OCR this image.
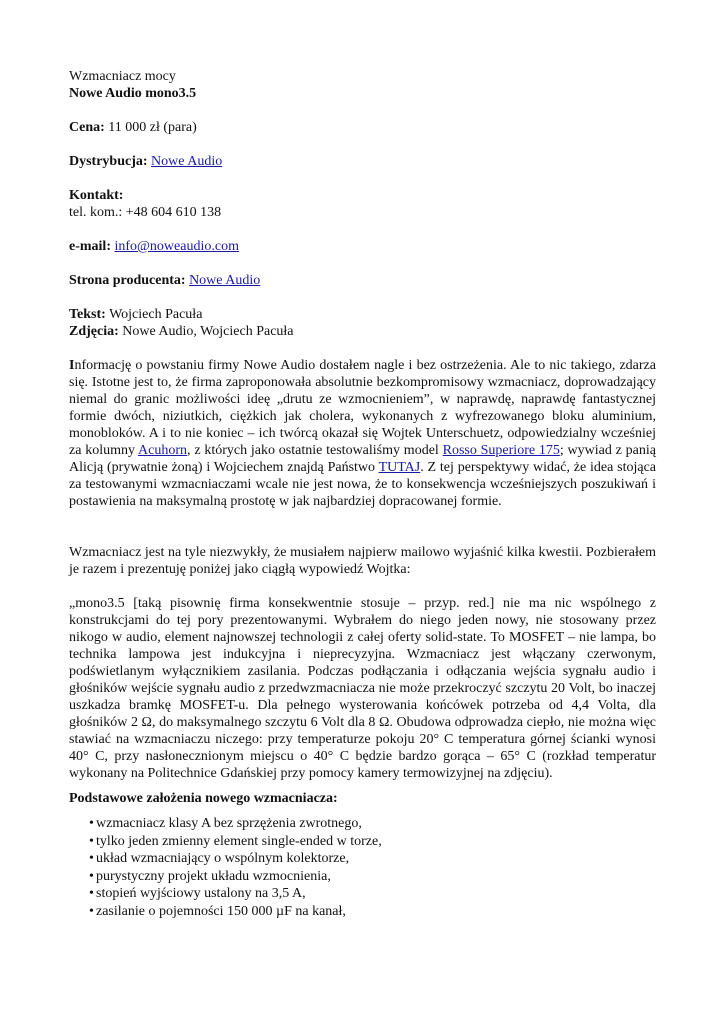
Wzmacniacz mocy

Nowe Audio mono3.5

Cena: 11 000 zł (para)

Dystrybucja: Nowe Audio

Kontakt:

tel. kom.: +48 604 610 138

e-mail: info@noweaudio.com

Strona producenta: Nowe Audio

Tekst: Wojciech Pacuła

Zdjęcia: Nowe Audio, Wojciech Pacuła

Informację o powstaniu firmy Nowe Audio dostałem nagle i bez ostrzeżenia. Ale to nic takiego, zdarza się. Istotne jest to, że firma zaproponowała absolutnie bezkompromisowy wzmacniacz, doprowadzający niemal do granic możliwości ideę „drutu ze wzmocnieniem”, w naprawdę, naprawdę fantastycznej formie dwóch, niziutkich, ciężkich jak cholera, wykonanych z wyfrezowanego bloku aluminium, monobloków. A i to nie koniec – ich twórcą okazał się Wojtek Unterschuetz, odpowiedzialny wcześniej za kolumny Acuhorn, z których jako ostatnie testowaliśmy model Rosso Superiore 175; wywiad z panią Alicją (prywatnie żoną) i Wojciechem znajdą Państwo TUTAJ. Z tej perspektywy widać, że idea stojąca za testowanymi wzmacniaczami wcale nie jest nowa, że to konsekwencja wcześniejszych poszukiwań i postawienia na maksymalną prostotę w jak najbardziej dopracowanej formie.

Wzmacniacz jest na tyle niezwykły, że musiałem najpierw mailowo wyjaśnić kilka kwestii. Pozbierałem je razem i prezentuję poniżej jako ciągłą wypowiedź Wojtka:

„mono3.5 [taką pisownię firma konsekwentnie stosuje – przyp. red.] nie ma nic wspólnego z konstrukcjami do tej pory prezentowanymi. Wybrałem do niego jeden nowy, nie stosowany przez nikogo w audio, element najnowszej technologii z całej oferty solid-state. To MOSFET – nie lampa, bo technika lampowa jest indukcyjna i nieprecyzyjna. Wzmacniacz jest włączany czerwonym, podświetlanym wyłącznikiem zasilania. Podczas podłączania i odłączania wejścia sygnału audio i głośników wejście sygnału audio z przedwzmacniacza nie może przekroczyć szczytu 20 Volt, bo inaczej uszkadza bramkę MOSFET-u. Dla pełnego wysterowania końcówek potrzeba od 4,4 Volta, dla głośników 2 Ω, do maksymalnego szczytu 6 Volt dla 8 Ω. Obudowa odprowadza ciepło, nie można więc stawiać na wzmacniaczu niczego: przy temperaturze pokoju 20° C temperatura górnej ścianki wynosi 40° C, przy nasłonecznionym miejscu o 40° C będzie bardzo gorąca – 65° C (rozkład temperatur wykonany na Politechnice Gdańskiej przy pomocy kamery termowizyjnej na zdjęciu).

Podstawowe założenia nowego wzmacniacza:

• wzmacniacz klasy A bez sprzężenia zwrotnego,
• tylko jeden zmienny element single-ended w torze,
• układ wzmacniający o wspólnym kolektorze,
• purystyczny projekt układu wzmocnienia,
• stopień wyjściowy ustalony na 3,5 A,
• zasilanie o pojemności 150 000 µF na kanał,
